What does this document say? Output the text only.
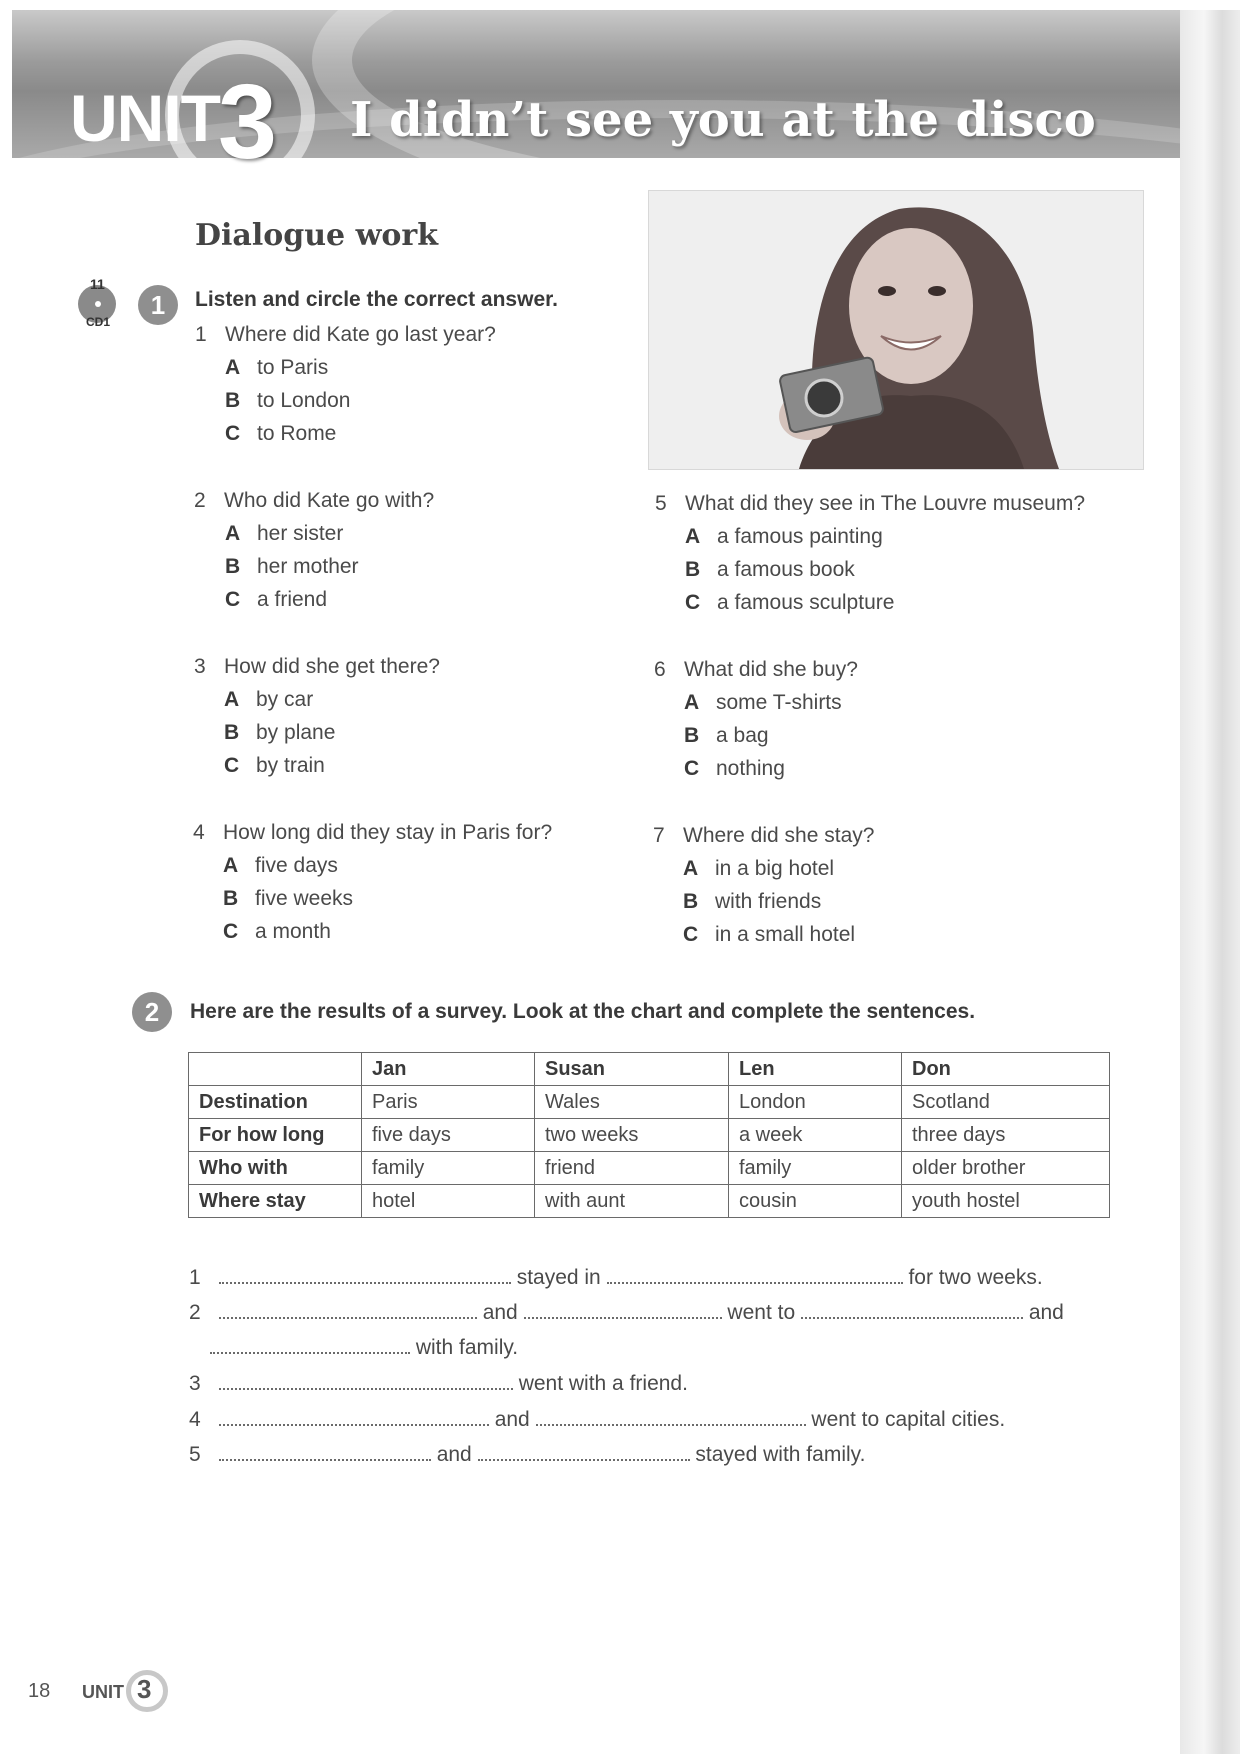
UNIT
3 I didn’t see you at the disco
Dialogue work
11
CD1
1	Listen and circle the correct answer.
1 Where did Kate go last year?
A to Paris
B to London
C to Rome
2 Who did Kate go with?
A her sister
B her mother
C a friend
3 How did she get there?
A by car
B by plane
C by train
4 How long did they stay in Paris for?
A five days
B five weeks
C a month
5 What did they see in The Louvre museum?
A a famous painting
B a famous book
C a famous sculpture
6 What did she buy?
A some T-shirts
B a bag
C nothing
7 Where did she stay?
A in a big hotel
B with friends
C in a small hotel
2	Here are the results of a survey. Look at the chart and complete the sentences.
	Jan	Susan	Len	Don
Destination	Paris	Wales	London	Scotland
For how long	five days	two weeks	a week	three days
Who with	family	friend	family	older brother
Where stay	hotel	with aunt	cousin	youth hostel
1	stayed in	for two weeks.
2	and	went to	and
with family.
3	went with a friend.
4	and	went to capital cities.
5	and	stayed with family.
18 UNIT 3
